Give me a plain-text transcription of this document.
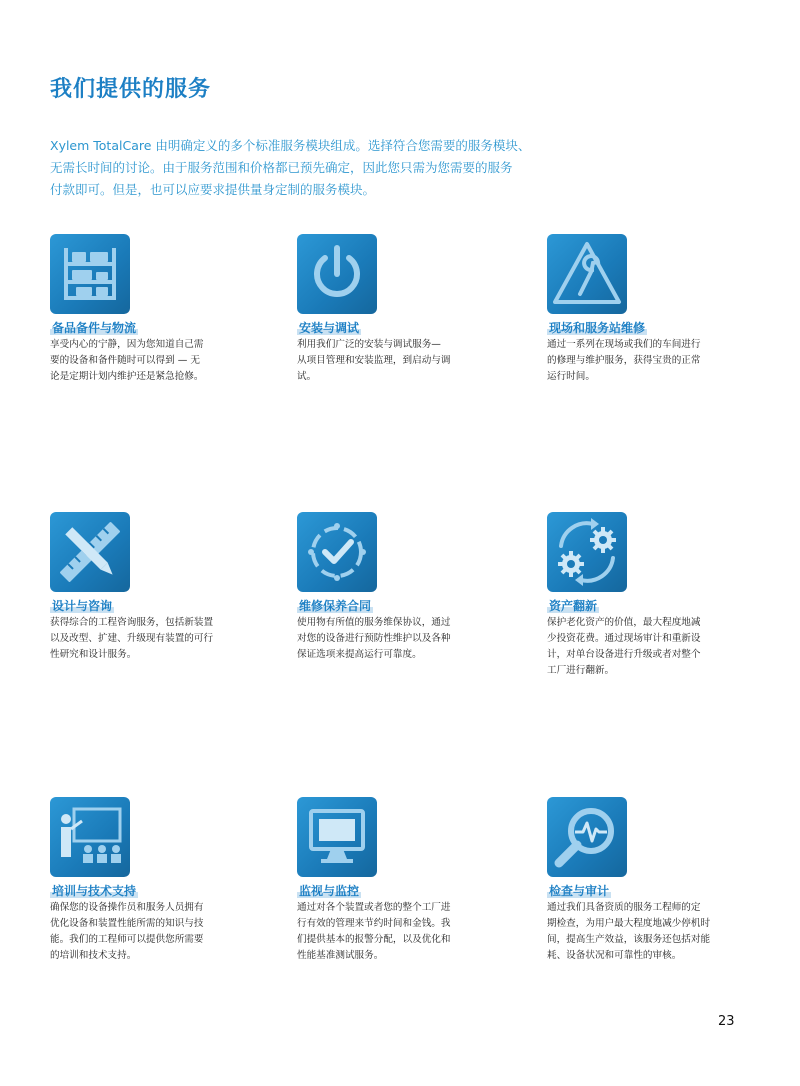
我们提供的服务
Xylem TotalCare 由明确定义的多个标准服务模块组成。选择符合您需要的服务模块、
无需长时间的讨论。由于服务范围和价格都已预先确定，因此您只需为您需要的服务
付款即可。但是，也可以应要求提供量身定制的服务模块。
备品备件与物流
享受内心的宁静，因为您知道自己需
要的设备和备件随时可以得到 — 无
论是定期计划内维护还是紧急抢修。
安装与调试
利用我们广泛的安装与调试服务—
从项目管理和安装监理，到启动与调
试。
现场和服务站维修
通过一系列在现场或我们的车间进行
的修理与维护服务，获得宝贵的正常
运行时间。
设计与咨询
获得综合的工程咨询服务，包括新装置
以及改型、扩建、升级现有装置的可行
性研究和设计服务。
维修保养合同
使用物有所值的服务维保协议，通过
对您的设备进行预防性维护以及各种
保证选项来提高运行可靠度。
资产翻新
保护老化资产的价值，最大程度地减
少投资花费。通过现场审计和重新设
计，对单台设备进行升级或者对整个
工厂进行翻新。
培训与技术支持
确保您的设备操作员和服务人员拥有
优化设备和装置性能所需的知识与技
能。我们的工程师可以提供您所需要
的培训和技术支持。
监视与监控
通过对各个装置或者您的整个工厂进
行有效的管理来节约时间和金钱。我
们提供基本的报警分配，以及优化和
性能基准测试服务。
检查与审计
通过我们具备资质的服务工程师的定
期检查，为用户最大程度地减少停机时
间，提高生产效益，该服务还包括对能
耗、设备状况和可靠性的审核。
23
